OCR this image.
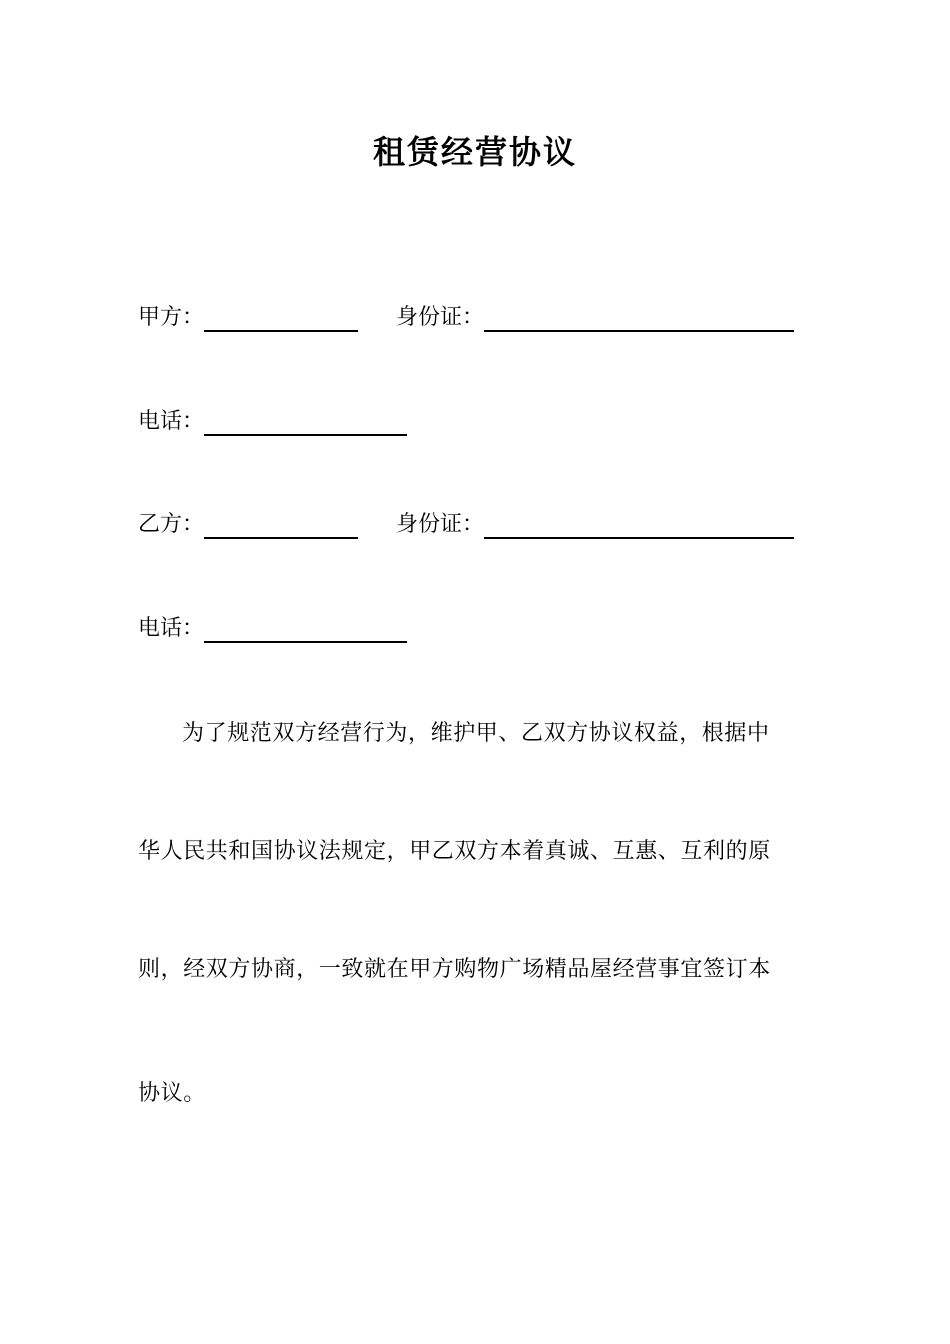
租赁经营协议
甲方：	身份证：
电话：
乙方：	身份证：
电话：
为了规范双方经营行为，维护甲、乙双方协议权益，根据中
华人民共和国协议法规定，甲乙双方本着真诚、互惠、互利的原
则，经双方协商，一致就在甲方购物广场精品屋经营事宜签订本
协议。
